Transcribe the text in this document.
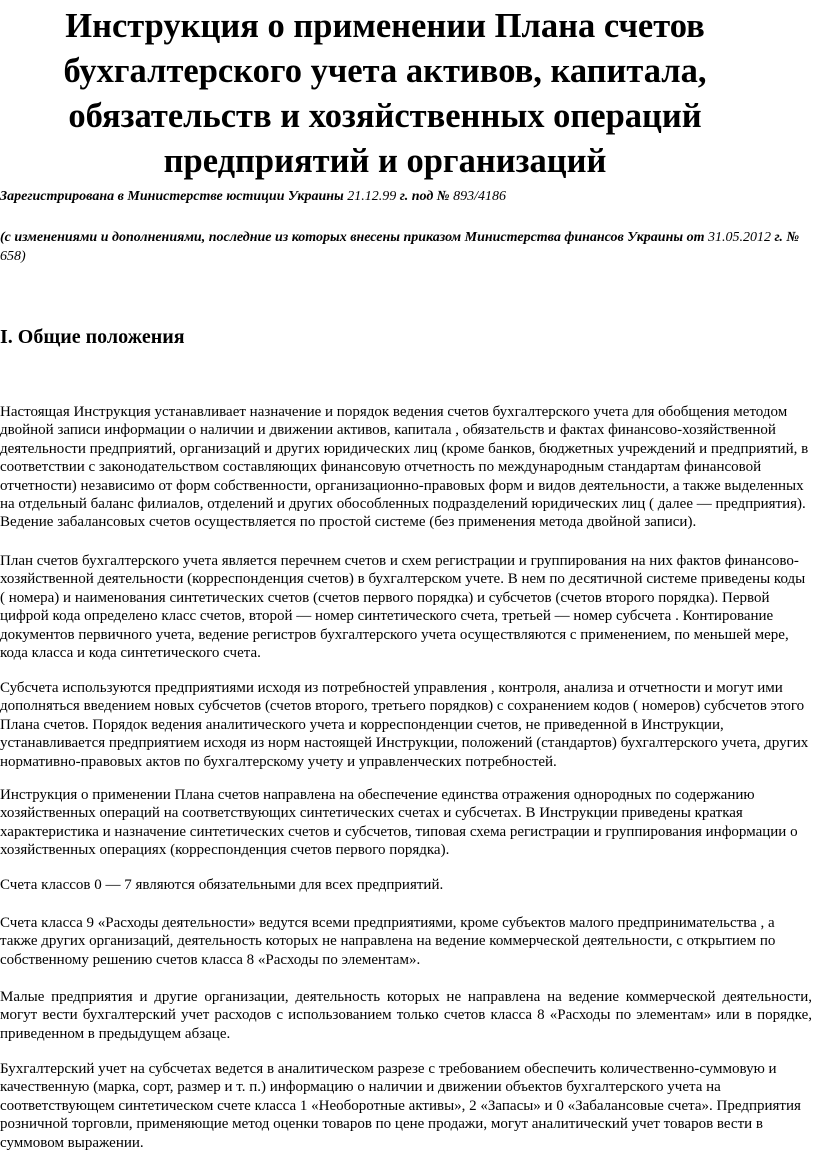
Инструкция о применении Плана счетов бухгалтерского учета активов, капитала, обязательств и хозяйственных операций предприятий и организаций
Зарегистрирована в Министерстве юстиции Украины 21.12.99 г. под № 893/4186
(с изменениями и дополнениями, последние из которых внесены приказом Министерства финансов Украины от 31.05.2012 г. № 658)
I. Общие положения

Настоящая Инструкция устанавливает назначение и порядок ведения счетов бухгалтерского учета для обобщения методом двойной записи информации о наличии и движении активов, капитала , обязательств и фактах финансово-хозяйственной деятельности предприятий, организаций и других юридических лиц (кроме банков, бюджетных учреждений и предприятий, в соответствии с законодательством составляющих финансовую отчетность по международным стандартам финансовой отчетности) независимо от форм собственности, организационно-правовых форм и видов деятельности, а также выделенных на отдельный баланс филиалов, отделений и других обособленных подразделений юридических лиц ( далее — предприятия). Ведение забалансовых счетов осуществляется по простой системе (без применения метода двойной записи).

План счетов бухгалтерского учета является перечнем счетов и схем регистрации и группирования на них фактов финансово-хозяйственной деятельности (корреспонденция счетов) в бухгалтерском учете. В нем по десятичной системе приведены коды ( номера) и наименования синтетических счетов (счетов первого порядка) и субсчетов (счетов второго порядка). Первой цифрой кода определено класс счетов, второй — номер синтетического счета, третьей — номер субсчета . Контирование документов первичного учета, ведение регистров бухгалтерского учета осуществляются с применением, по меньшей мере, кода класса и кода синтетического счета.

Субсчета используются предприятиями исходя из потребностей управления , контроля, анализа и отчетности и могут ими дополняться введением новых субсчетов (счетов второго, третьего порядков) с сохранением кодов ( номеров) субсчетов этого Плана счетов. Порядок ведения аналитического учета и корреспонденции счетов, не приведенной в Инструкции, устанавливается предприятием исходя из норм настоящей Инструкции, положений (стандартов) бухгалтерского учета, других нормативно-правовых актов по бухгалтерскому учету и управленческих потребностей.

Инструкция о применении Плана счетов направлена на обеспечение единства отражения однородных по содержанию хозяйственных операций на соответствующих синтетических счетах и субсчетах. В Инструкции приведены краткая характеристика и назначение синтетических счетов и субсчетов, типовая схема регистрации и группирования информации о хозяйственных операциях (корреспонденция счетов первого порядка).

Счета классов 0 — 7 являются обязательными для всех предприятий.

Счета класса 9 «Расходы деятельности» ведутся всеми предприятиями, кроме субъектов малого предпринимательства , а также других организаций, деятельность которых не направлена на ведение коммерческой деятельности, с открытием по собственному решению счетов класса 8 «Расходы по элементам».

Малые предприятия и другие организации, деятельность которых не направлена на ведение коммерческой деятельности, могут вести бухгалтерский учет расходов с использованием только счетов класса 8 «Расходы по элементам» или в порядке, приведенном в предыдущем абзаце.

Бухгалтерский учет на субсчетах ведется в аналитическом разрезе с требованием обеспечить количественно-суммовую и качественную (марка, сорт, размер и т. п.) информацию о наличии и движении объектов бухгалтерского учета на соответствующем синтетическом счете класса 1 «Необоротные активы», 2 «Запасы» и 0 «Забалансовые счета». Предприятия розничной торговли, применяющие метод оценки товаров по цене продажи, могут аналитический учет товаров вести в суммовом выражении.
